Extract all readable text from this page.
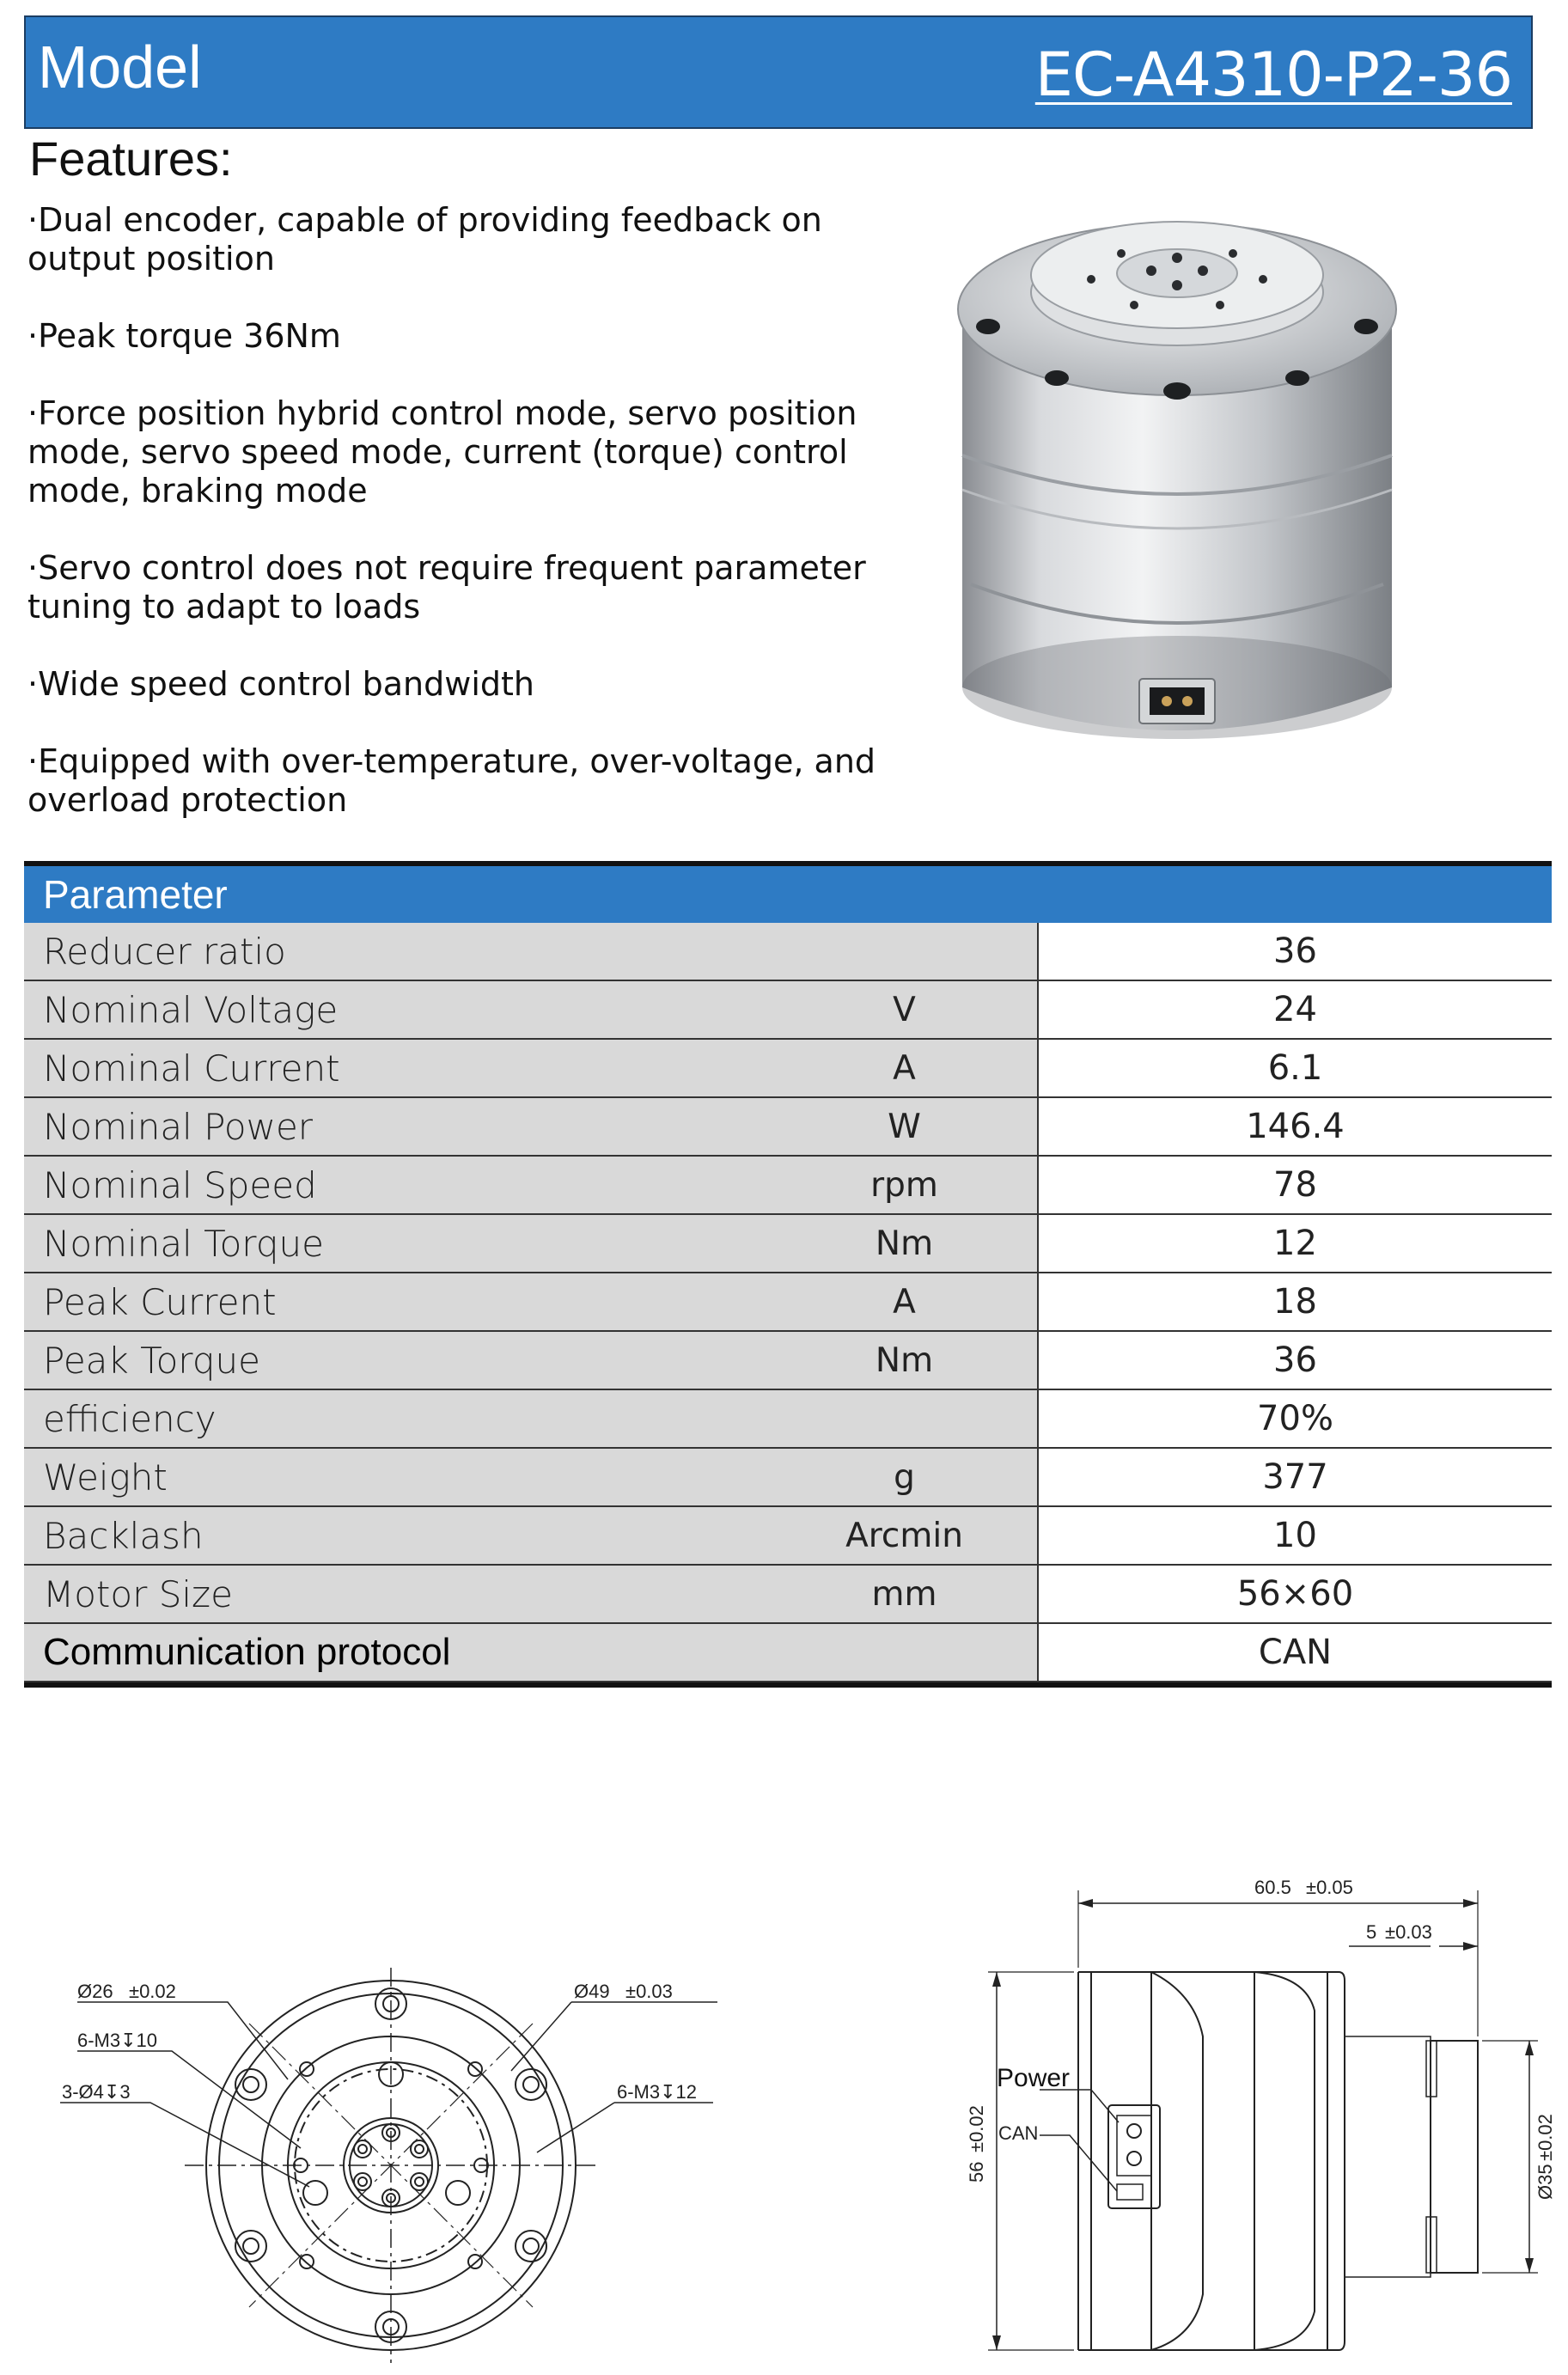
Model	EC-A4310-P2-36
Features:
·Dual encoder, capable of providing feedback on output position
·Peak torque 36Nm
·Force position hybrid control mode, servo position mode, servo speed mode, current (torque) control mode, braking mode
·Servo control does not require frequent parameter tuning to adapt to loads
·Wide speed control bandwidth
·Equipped with over-temperature, over-voltage, and overload protection
Parameter
Reducer ratio		36
Nominal Voltage	V	24
Nominal Current	A	6.1
Nominal Power	W	146.4
Nominal Speed	rpm	78
Nominal Torque	Nm	12
Peak Current	A	18
Peak Torque	Nm	36
efficiency		70%
Weight	g	377
Backlash	Arcmin	10
Motor Size	mm	56×60
Communication protocol		CAN
Ø26 ±0.02
6-M3↧10
3-Ø4↧3
Ø49 ±0.03
6-M3↧12
60.5 ±0.05
5 ±0.03
56
±0.02
Ø35
±0.02
Power
CAN
